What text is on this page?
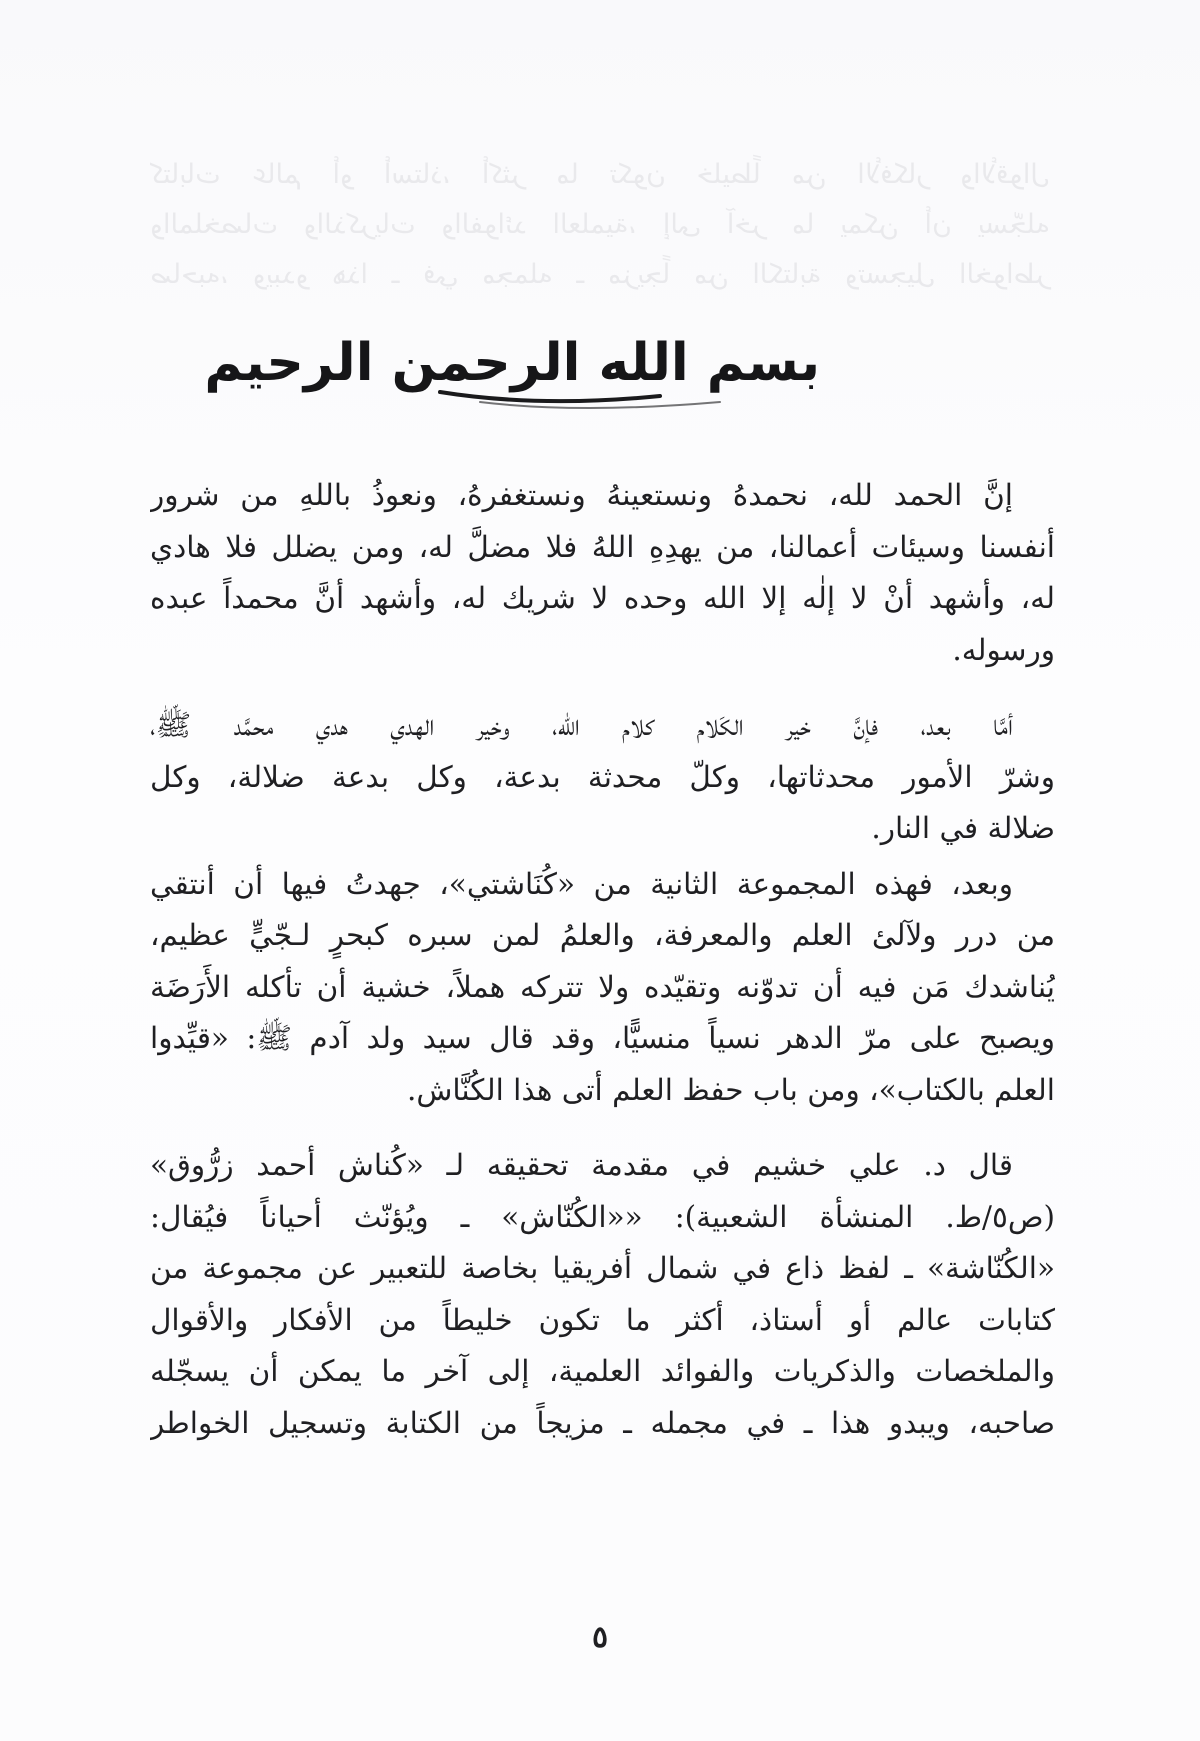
كتابات عالم أو أستاذ، أكثر ما تكون خليطاً من الأفكار والأقوال

والملخصات والذكريات والفوائد العلمية، إلى آخر ما يمكن أن يسجّله

صاحبه، ويبدو هذا ـ في مجمله ـ مزيجاً من الكتابة وتسجيل الخواطر

بسم الله الرحمن الرحيم

إنَّ الحمد لله، نحمدهُ ونستعينهُ ونستغفرهُ، ونعوذُ باللهِ من شرور
أنفسنا وسيئات أعمالنا، من يهدِهِ اللهُ فلا مضلَّ له، ومن يضلل فلا هادي
له، وأشهد أنْ لا إلٰه إلا الله وحده لا شريك له، وأشهد أنَّ محمداً عبده
ورسوله.

أمَّا بعد، فإنَّ خير الكَلام كلام الله، وخير الهدي هدي محمَّد ﷺ،
وشرّ الأمور محدثاتها، وكلّ محدثة بدعة، وكل بدعة ضلالة، وكل
ضلالة في النار.

وبعد، فهذه المجموعة الثانية من «كُنَاشتي»، جهدتُ فيها أن أنتقي
من درر ولآلئ العلم والمعرفة، والعلمُ لمن سبره كبحرٍ لـجّيٍّ عظيم،
يُناشدك مَن فيه أن تدوّنه وتقيّده ولا تتركه هملاً، خشية أن تأكله الأَرَضَة
ويصبح على مرّ الدهر نسياً منسيًّا، وقد قال سيد ولد آدم ﷺ: «قيِّدوا
العلم بالكتاب»، ومن باب حفظ العلم أتى هذا الكُنَّاش.

قال د. علي خشيم في مقدمة تحقيقه لـ «كُناش أحمد زرُّوق»
(ص٥/ط. المنشأة الشعبية): ««الكُنّاش» ـ ويُؤنّث أحياناً فيُقال:
«الكُنّاشة» ـ لفظ ذاع في شمال أفريقيا بخاصة للتعبير عن مجموعة من
كتابات عالم أو أستاذ، أكثر ما تكون خليطاً من الأفكار والأقوال
والملخصات والذكريات والفوائد العلمية، إلى آخر ما يمكن أن يسجّله
صاحبه، ويبدو هذا ـ في مجمله ـ مزيجاً من الكتابة وتسجيل الخواطر

٥
